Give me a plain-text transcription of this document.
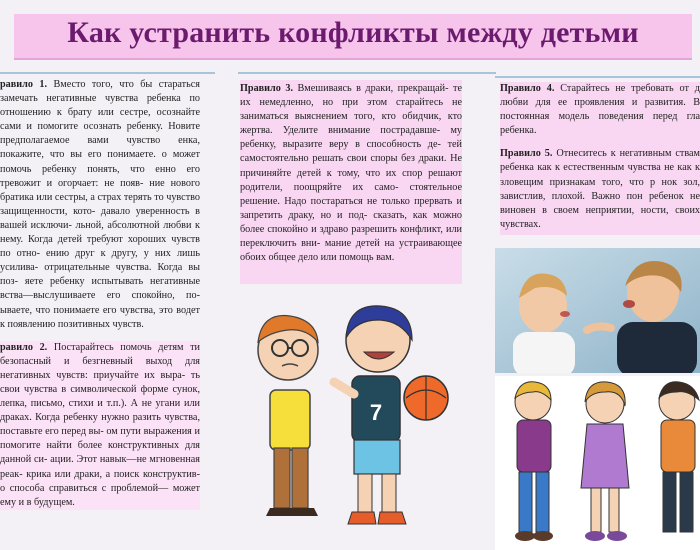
Как устранить конфликты между детьми

равило 1. Вместо того, что бы стараться замечать негативные чувства ребенка по отношению к брату или сестре, осознайте сами и помогите осознать ребенку. Новите предполагаемое вами чувство енка, покажите, что вы его понимаете. о может помочь ребенку понять, что енно его тревожит и огорчает: не появ- ние нового братика или сестры, а страх терять то чувство защищенности, кото- давало уверенность в вашей исключи- льной, абсолютной любви к нему. Когда детей требуют хороших чувств по отно- ению друг к другу, у них лишь усилива- отрицательные чувства. Когда вы поз- яете ребенку испытывать негативные вства—выслушиваете его спокойно, по- ываете, что понимаете его чувства, это водет к появлению позитивных чувств.

равило 2. Постарайтесь помочь детям ти безопасный и безгневный выход для негативных чувств: приучайте их выра- ть свои чувства в символической форме сунок, лепка, письмо, стихи и т.п.). А не угани или драках. Когда ребенку нужно разить чувства, поставьте его перед вы- ом пути выражения и помогите найти более конструктивных для данной си- ации. Этот навык—не мгновенная реак- крика или драки, а поиск конструктив- о способа справиться с проблемой— может ему и в будущем.

Правило 3. Вмешиваясь в драки, прекращай- те их немедленно, но при этом старайтесь не заниматься выяснением того, кто обидчик, кто жертва. Уделите внимание пострадавше- му ребенку, выразите веру в способность де- тей самостоятельно решать свои споры без драки. Не причиняйте детей к тому, что их спор решают родители, поощряйте их само- стоятельное решение. Надо постараться не только прервать и запретить драку, но и под- сказать, как можно более спокойно и здраво разрешить конфликт, или переключить вни- мание детей на устраивающее обоих общее дело или помощь вам.

Правило 4. Старайтесь не требовать от д любви для ее проявления и развития. В постоянная модель поведения перед гла ребенка.

Правило 5. Отнеситесь к негативным ствам ребенка как к естественным чувства не как к зловещим признакам того, что р нок зол, завистлив, плохой. Важно пон ребенок не виновен в своем неприятии, ности, своих чувствах.

7
